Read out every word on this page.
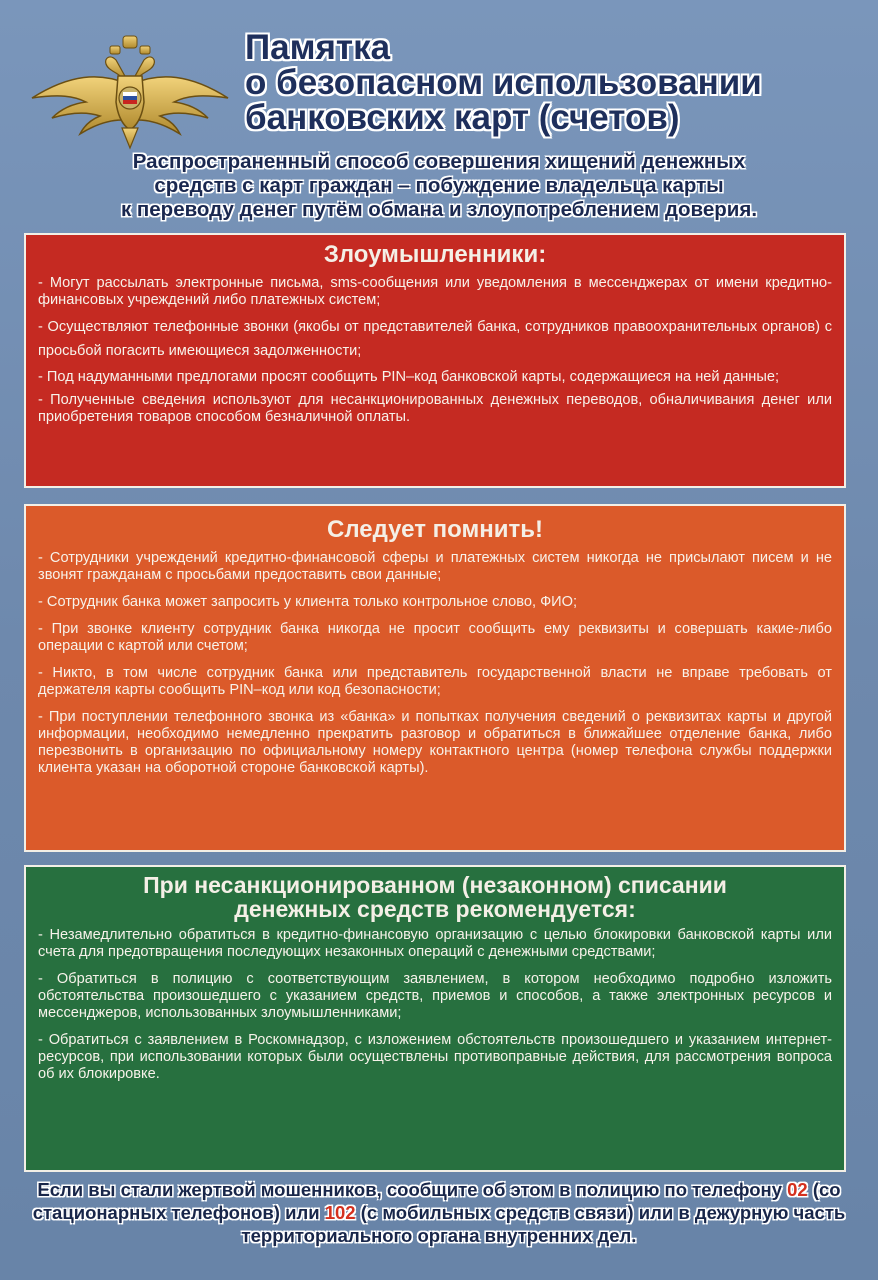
Памятка
о безопасном использовании
банковских карт (счетов)
Распространенный способ совершения хищений денежных
средств с карт граждан – побуждение владельца карты
к переводу денег путём обмана и злоупотреблением доверия.
Злоумышленники:

- Могут рассылать электронные письма, sms-сообщения или уведомления в мессенджерах от имени кредитно-финансовых учреждений либо платежных систем;

- Осуществляют телефонные звонки (якобы от представителей банка, сотрудников правоохранительных органов) с просьбой погасить имеющиеся задолженности;

- Под надуманными предлогами просят сообщить PIN–код банковской карты, содержащиеся на ней данные;

- Полученные сведения используют для несанкционированных денежных переводов, обналичивания денег или приобретения товаров способом безналичной оплаты.

Следует помнить!

- Сотрудники учреждений кредитно-финансовой сферы и платежных систем никогда не присылают писем и не звонят гражданам с просьбами предоставить свои данные;

- Сотрудник банка может запросить у клиента только контрольное слово, ФИО;

- При звонке клиенту сотрудник банка никогда не просит сообщить ему реквизиты и совершать какие-либо операции с картой или счетом;

- Никто, в том числе сотрудник банка или представитель государственной власти не вправе требовать от держателя карты сообщить PIN–код или код безопасности;

- При поступлении телефонного звонка из «банка» и попытках получения сведений о реквизитах карты и другой информации, необходимо немедленно прекратить разговор и обратиться в ближайшее отделение банка, либо перезвонить в организацию по официальному номеру контактного центра (номер телефона службы поддержки клиента указан на оборотной стороне банковской карты).

При несанкционированном (незаконном) списании
денежных средств рекомендуется:

- Незамедлительно обратиться в кредитно-финансовую организацию с целью блокировки банковской карты или счета для предотвращения последующих незаконных операций с денежными средствами;

- Обратиться в полицию с соответствующим заявлением, в котором необходимо подробно изложить обстоятельства произошедшего с указанием средств, приемов и способов, а также электронных ресурсов и мессенджеров, использованных злоумышленниками;

- Обратиться с заявлением в Роскомнадзор, с изложением обстоятельств произошедшего и указанием интернет-ресурсов, при использовании которых были осуществлены противоправные действия, для рассмотрения вопроса об их блокировке.

Если вы стали жертвой мошенников, сообщите об этом в полицию по телефону 02 (со стационарных телефонов) или 102 (с мобильных средств связи) или в дежурную часть территориального органа внутренних дел.
